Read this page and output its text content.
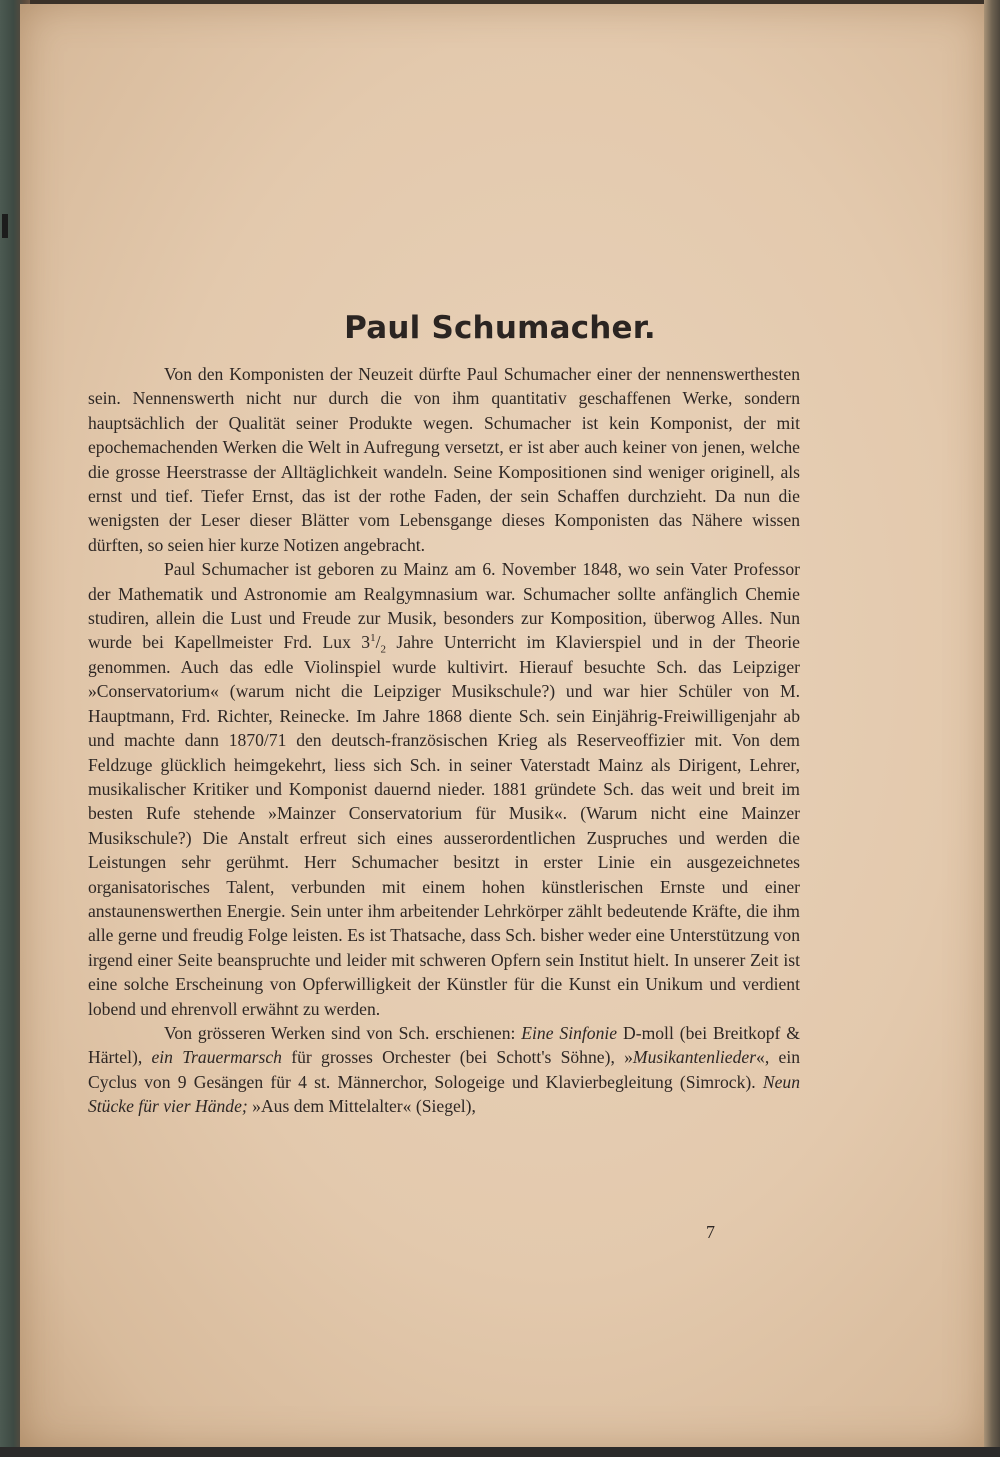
Paul Schumacher.

Von den Komponisten der Neuzeit dürfte Paul Schumacher einer der nennenswerthesten sein. Nennenswerth nicht nur durch die von ihm quantitativ geschaffenen Werke, sondern hauptsächlich der Qualität seiner Produkte wegen. Schumacher ist kein Komponist, der mit epochemachenden Werken die Welt in Aufregung versetzt, er ist aber auch keiner von jenen, welche die grosse Heerstrasse der Alltäglichkeit wandeln. Seine Kompositionen sind weniger originell, als ernst und tief. Tiefer Ernst, das ist der rothe Faden, der sein Schaffen durchzieht. Da nun die wenigsten der Leser dieser Blätter vom Lebensgange dieses Komponisten das Nähere wissen dürften, so seien hier kurze Notizen angebracht.

Paul Schumacher ist geboren zu Mainz am 6. November 1848, wo sein Vater Professor der Mathematik und Astronomie am Realgymnasium war. Schumacher sollte anfänglich Chemie studiren, allein die Lust und Freude zur Musik, besonders zur Komposition, überwog Alles. Nun wurde bei Kapellmeister Frd. Lux $3^1/_2$ Jahre Unterricht im Klavierspiel und in der Theorie genommen. Auch das edle Violinspiel wurde kultivirt. Hierauf besuchte Sch. das Leipziger »Conservatorium« (warum nicht die Leipziger Musikschule?) und war hier Schüler von M. Hauptmann, Frd. Richter, Reinecke. Im Jahre 1868 diente Sch. sein Einjährig-Freiwilligenjahr ab und machte dann 1870/71 den deutsch-französischen Krieg als Reserveoffizier mit. Von dem Feldzuge glücklich heimgekehrt, liess sich Sch. in seiner Vaterstadt Mainz als Dirigent, Lehrer, musikalischer Kritiker und Komponist dauernd nieder. 1881 gründete Sch. das weit und breit im besten Rufe stehende »Mainzer Conservatorium für Musik«. (Warum nicht eine Mainzer Musikschule?) Die Anstalt erfreut sich eines ausserordentlichen Zuspruches und werden die Leistungen sehr gerühmt. Herr Schumacher besitzt in erster Linie ein ausgezeichnetes organisatorisches Talent, verbunden mit einem hohen künstlerischen Ernste und einer anstaunenswerthen Energie. Sein unter ihm arbeitender Lehrkörper zählt bedeutende Kräfte, die ihm alle gerne und freudig Folge leisten. Es ist Thatsache, dass Sch. bisher weder eine Unterstützung von irgend einer Seite beanspruchte und leider mit schweren Opfern sein Institut hielt. In unserer Zeit ist eine solche Erscheinung von Opferwilligkeit der Künstler für die Kunst ein Unikum und verdient lobend und ehrenvoll erwähnt zu werden.

Von grösseren Werken sind von Sch. erschienen: Eine Sinfonie D-moll (bei Breitkopf & Härtel), ein Trauermarsch für grosses Orchester (bei Schott's Söhne), »Musikantenlieder«, ein Cyclus von 9 Gesängen für 4 st. Männerchor, Sologeige und Klavierbegleitung (Simrock). Neun Stücke für vier Hände; »Aus dem Mittelalter« (Siegel),

7
